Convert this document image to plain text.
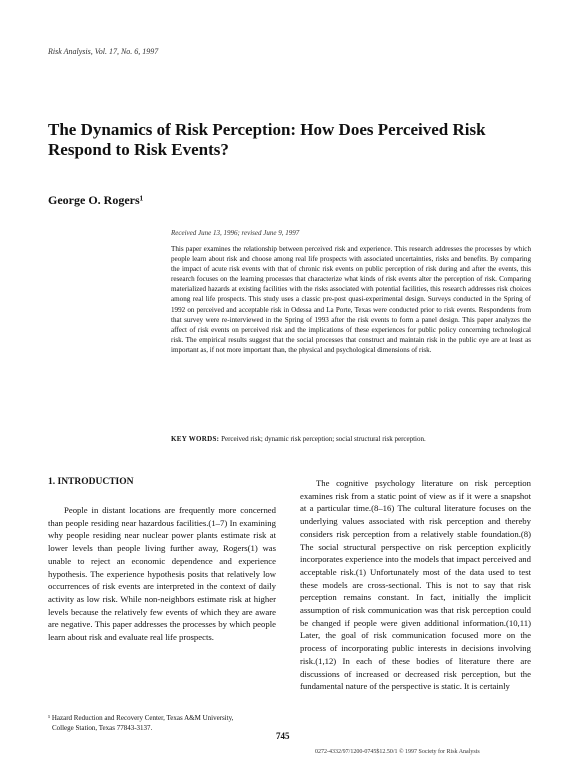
Risk Analysis, Vol. 17, No. 6, 1997
The Dynamics of Risk Perception: How Does Perceived Risk Respond to Risk Events?
George O. Rogers¹
Received June 13, 1996; revised June 9, 1997
This paper examines the relationship between perceived risk and experience. This research addresses the processes by which people learn about risk and choose among real life prospects with associated uncertainties, risks and benefits. By comparing the impact of acute risk events with that of chronic risk events on public perception of risk during and after the events, this research focuses on the learning processes that characterize what kinds of risk events alter the perception of risk. Comparing materialized hazards at existing facilities with the risks associated with potential facilities, this research addresses risk choices among real life prospects. This study uses a classic pre-post quasi-experimental design. Surveys conducted in the Spring of 1992 on perceived and acceptable risk in Odessa and La Porte, Texas were conducted prior to risk events. Respondents from that survey were re-interviewed in the Spring of 1993 after the risk events to form a panel design. This paper analyzes the affect of risk events on perceived risk and the implications of these experiences for public policy concerning technological risk. The empirical results suggest that the social processes that construct and maintain risk in the public eye are at least as important as, if not more important than, the physical and psychological dimensions of risk.
KEY WORDS: Perceived risk; dynamic risk perception; social structural risk perception.
1. INTRODUCTION

People in distant locations are frequently more concerned than people residing near hazardous facilities.(1–7) In examining why people residing near nuclear power plants estimate risk at lower levels than people living further away, Rogers(1) was unable to reject an economic dependence and experience hypothesis. The experience hypothesis posits that relatively low occurrences of risk events are interpreted in the context of daily activity as low risk. While non-neighbors estimate risk at higher levels because the relatively few events of which they are aware are negative. This paper addresses the processes by which people learn about risk and evaluate real life prospects.

The cognitive psychology literature on risk perception examines risk from a static point of view as if it were a snapshot at a particular time.(8–16) The cultural literature focuses on the underlying values associated with risk perception and thereby considers risk perception from a relatively stable foundation.(8) The social structural perspective on risk perception explicitly incorporates experience into the models that impact perceived and acceptable risk.(1) Unfortunately most of the data used to test these models are cross-sectional. This is not to say that risk perception remains constant. In fact, initially the implicit assumption of risk communication was that risk perception could be changed if people were given additional information.(10,11) Later, the goal of risk communication focused more on the process of incorporating public interests in decisions involving risk.(1,12) In each of these bodies of literature there are discussions of increased or decreased risk perception, but the fundamental nature of the perspective is static. It is certainly

¹ Hazard Reduction and Recovery Center, Texas A&M University,
College Station, Texas 77843-3137.
745
0272-4332/97/1200-0745$12.50/1 © 1997 Society for Risk Analysis
